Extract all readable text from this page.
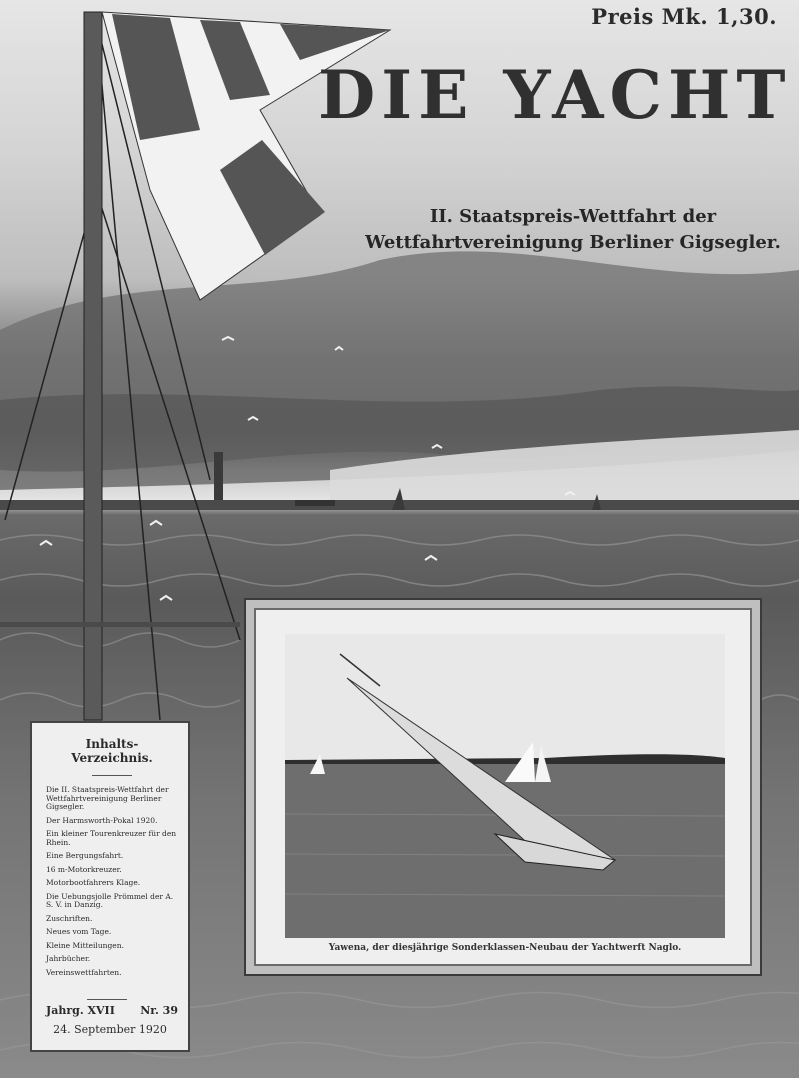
Preis Mk. 1,30.
DIE YACHT
II. Staatspreis-Wettfahrt der
Wettfahrtvereinigung Berliner Gigsegler.
Yawena, der diesjährige Sonderklassen-Neubau der Yachtwerft Naglo.
Inhalts-Verzeichnis.
Die II. Staatspreis-Wettfahrt der Wettfahrtvereinigung Berliner Gigsegler.
Der Harmsworth-Pokal 1920.
Ein kleiner Tourenkreuzer für den Rhein.
Eine Bergungsfahrt.
16 m-Motorkreuzer.
Motorbootfahrers Klage.
Die Uebungsjolle Prömmel der A. S. V. in Danzig.
Zuschriften.
Neues vom Tage.
Kleine Mitteilungen.
Jahrbücher.
Vereinswettfahrten.
Jahrg. XVII Nr. 39
24. September 1920
